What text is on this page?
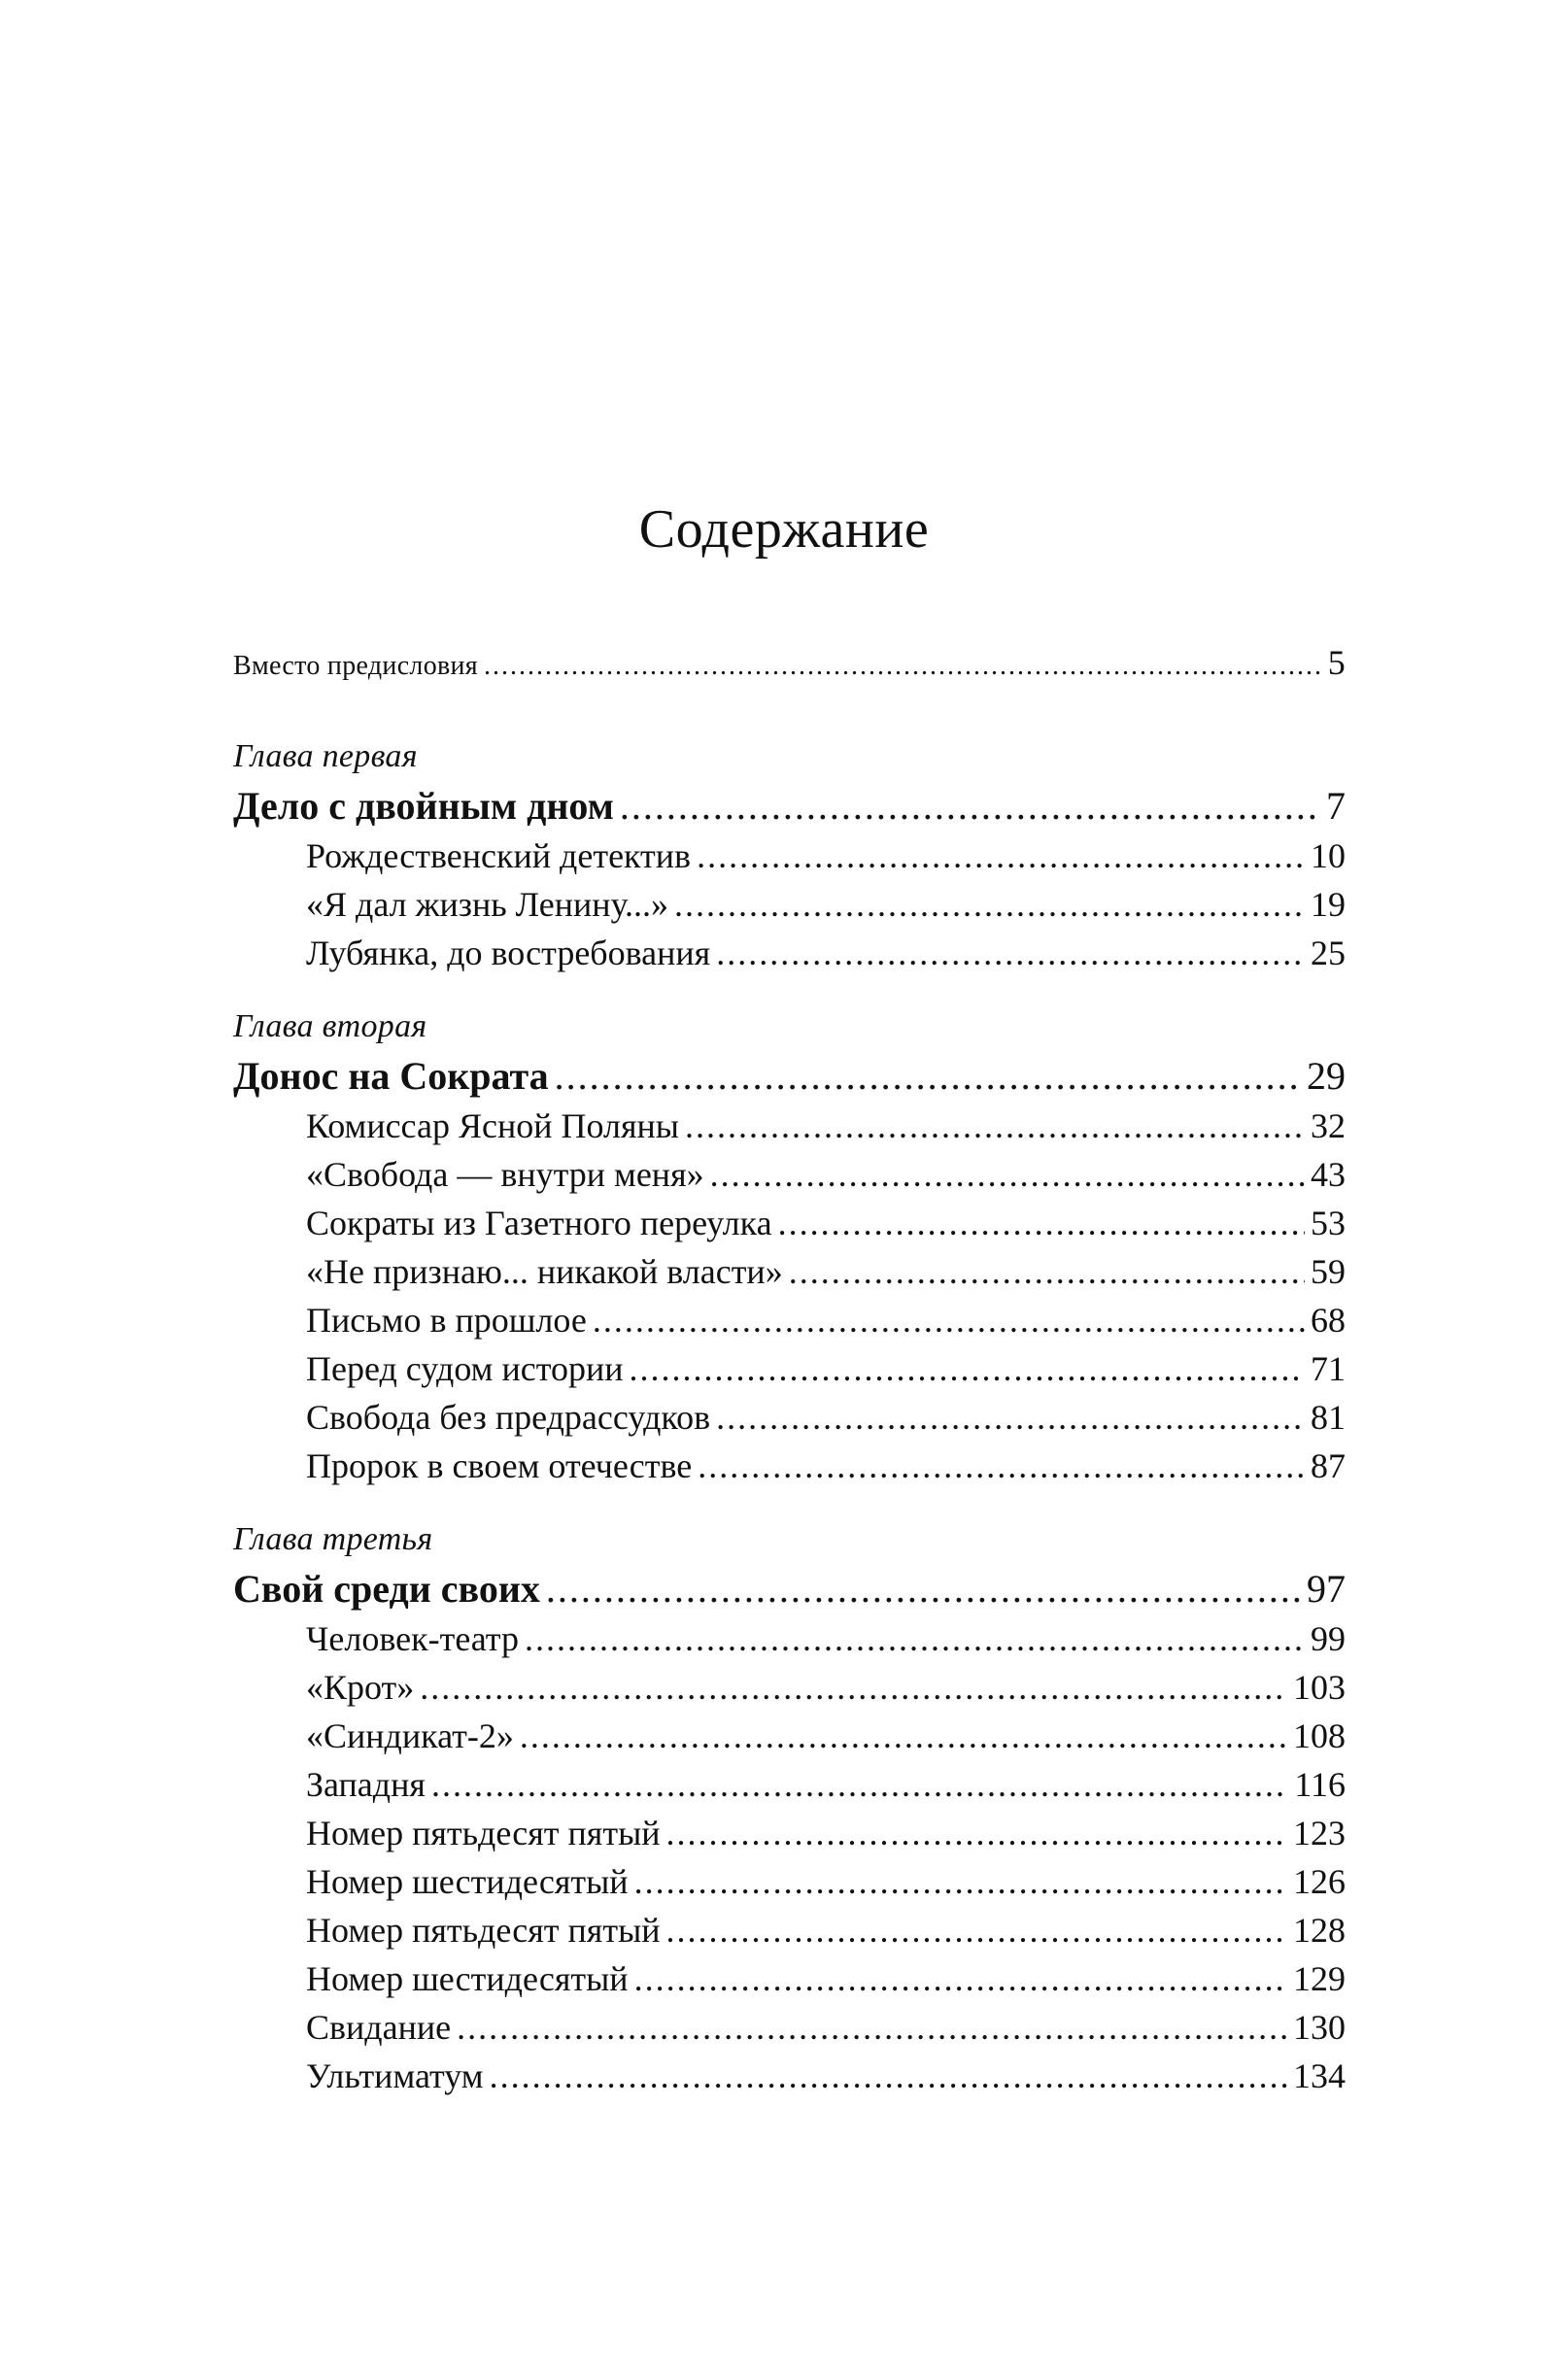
Содержание
Вместо предисловия .....	5
Глава первая
Дело с двойным дном .....	7
Рождественский детектив .....	10
«Я дал жизнь Ленину...» .....	19
Лубянка, до востребования .....	25
Глава вторая
Донос на Сократа .....	29
Комиссар Ясной Поляны .....	32
«Свобода — внутри меня» .....	43
Сократы из Газетного переулка .....	53
«Не признаю... никакой власти» .....	59
Письмо в прошлое .....	68
Перед судом истории .....	71
Свобода без предрассудков .....	81
Пророк в своем отечестве .....	87
Глава третья
Свой среди своих .....	97
Человек-театр .....	99
«Крот» .....	103
«Синдикат-2» .....	108
Западня .....	116
Номер пятьдесят пятый .....	123
Номер шестидесятый .....	126
Номер пятьдесят пятый .....	128
Номер шестидесятый .....	129
Свидание .....	130
Ультиматум .....	134
